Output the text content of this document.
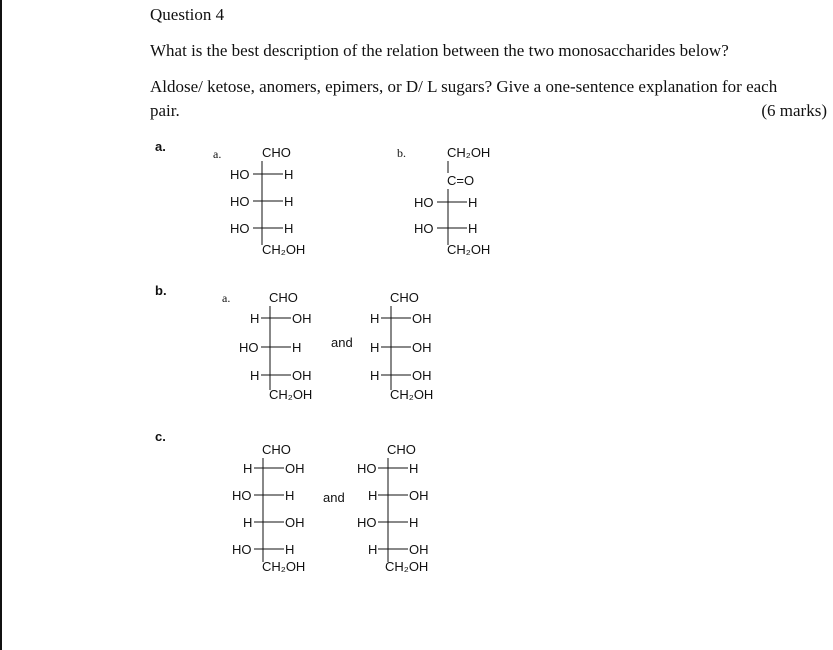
Question 4
What is the best description of the relation between the two monosaccharides below?
Aldose/ ketose, anomers, epimers, or D/ L sugars? Give a one-sentence explanation for each
pair.	(6 marks)
a.	a.	CHO
HO	H
HO	H
HO	H
CH₂OH
b.	CH₂OH
C=O
HO	H
HO	H
CH₂OH
b.	a.	CHO
H	OH
HO	H
H	OH
CH₂OH
and
CHO
H	OH
H	OH
H	OH
CH₂OH
c.
CHO
H	OH
HO	H
H	OH
HO	H
CH₂OH
and
CHO
HO	H
H OH
HO	H
H OH
CH₂OH
